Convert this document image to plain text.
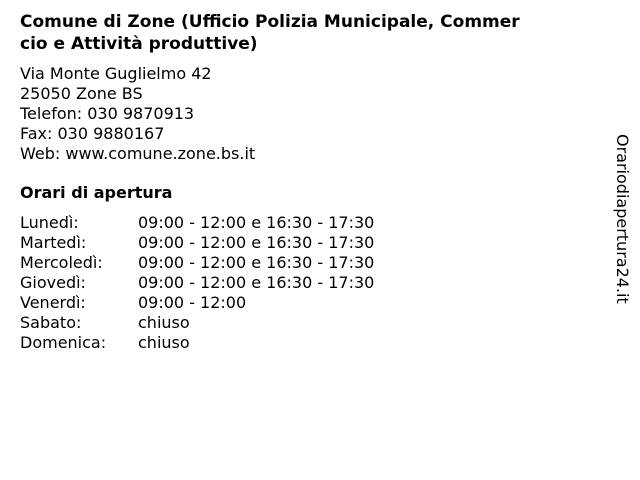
Comune di Zone (Ufficio Polizia Municipale, Commer
cio e Attività produttive)
Via Monte Guglielmo 42
25050 Zone BS
Telefon: 030 9870913
Fax: 030 9880167
Web: www.comune.zone.bs.it
Orari di apertura
Lunedì:	09:00 - 12:00 e 16:30 - 17:30
Martedì:	09:00 - 12:00 e 16:30 - 17:30
Mercoledì: 09:00 - 12:00 e 16:30 - 17:30
Giovedì:	09:00 - 12:00 e 16:30 - 17:30
Venerdì:	09:00 - 12:00
Sabato:	chiuso
Domenica: chiuso
Orariodiapertura24.it
